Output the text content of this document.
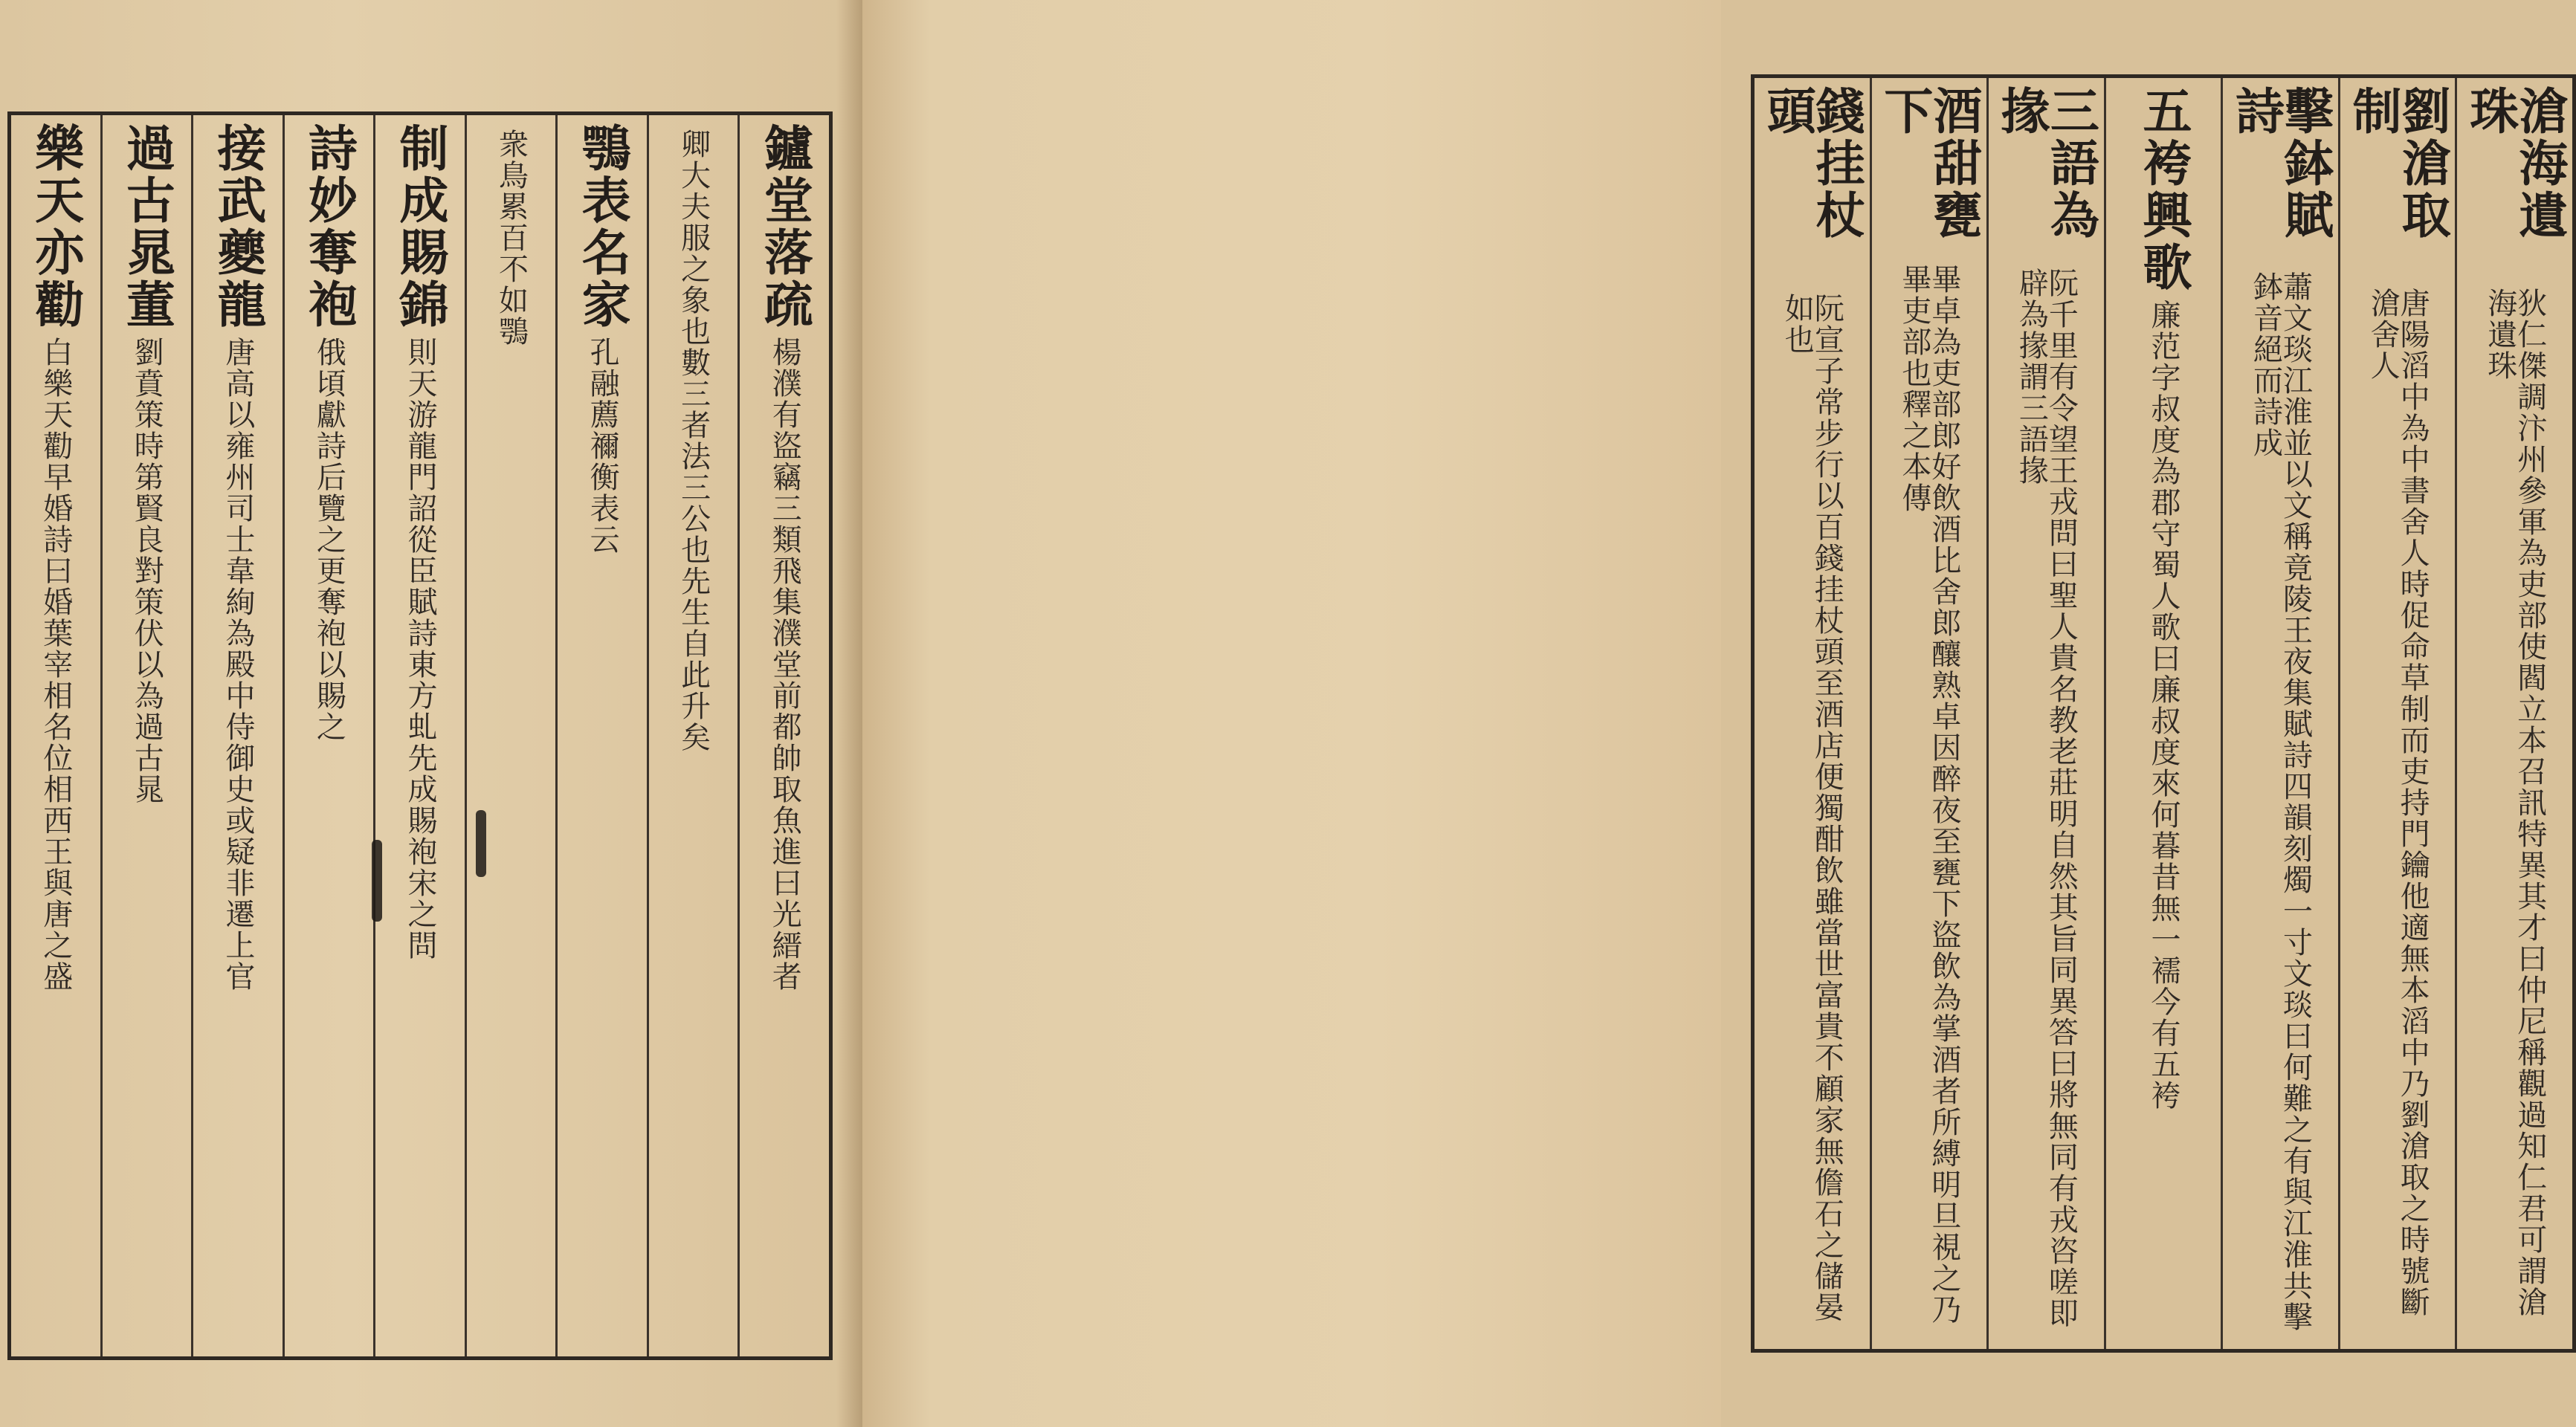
鑪堂落疏
楊濮有盜竊三類飛集濮堂前都帥取魚進曰光縉者
卿大夫服之象也數三者法三公也先生自此升矣
鶚表名家
孔融薦禰衡表云
衆鳥累百不如鶚
制成賜錦
則天游龍門詔從臣賦詩東方虬先成賜袍宋之問
詩妙奪袍
俄頃獻詩后覽之更奪袍以賜之
接武夔龍
唐高以雍州司士韋絢為殿中侍御史或疑非遷上官
過古晁董
劉賁策時第賢良對策伏以為過古晁
樂天亦勸
白樂天勸早婚詩曰婚葉宰相名位相西王與唐之盛
滄海遺珠
狄仁傑調汴州參軍為吏部使閻立本召訊特異其才曰仲尼稱觀過知仁君可謂滄海遺珠
劉滄取制
唐陽滔中為中書舍人時促命草制而吏持門鑰他適無本滔中乃劉滄取之時號斷滄舍人
擊鉢賦詩
蕭文琰江淮並以文稱竟陵王夜集賦詩四韻刻燭一寸文琰曰何難之有與江淮共擊鉢音絕而詩成
五袴興歌
廉范字叔度為郡守蜀人歌曰廉叔度來何暮昔無一襦今有五袴
三語為掾
阮千里有令望王戎問曰聖人貴名教老莊明自然其旨同異答曰將無同有戎咨嗟即辟為掾謂三語掾
酒甜甕下
畢卓為吏部郎好飲酒比舍郎釀熟卓因醉夜至甕下盜飲為掌酒者所縛明旦視之乃畢吏部也釋之本傳
錢挂杖頭
阮宣子常步行以百錢挂杖頭至酒店便獨酣飲雖當世富貴不顧家無儋石之儲晏如也
